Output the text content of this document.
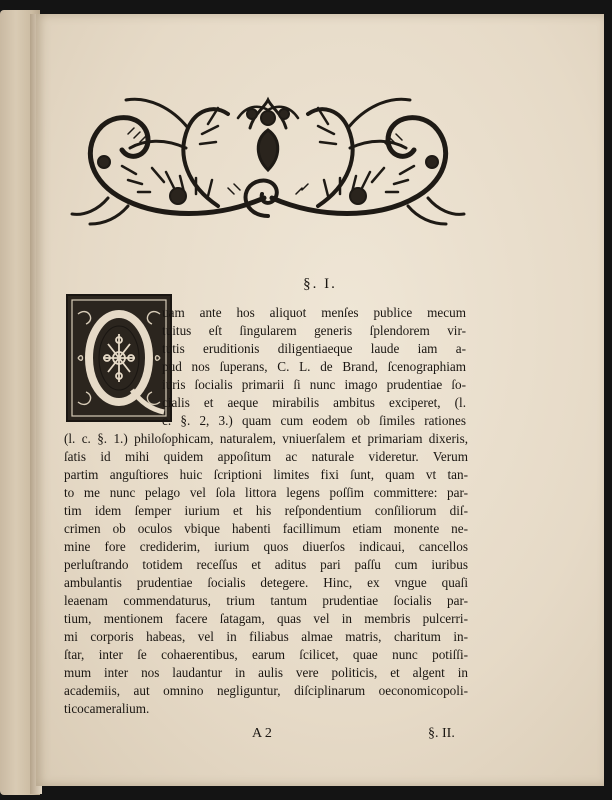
§. I.
uam ante hos aliquot menſes publice mecum
tuitus eſt ſingularem generis ſplendorem vir-
tutis eruditionis diligentiaeque laude iam a-
pud nos ſuperans, C. L. de Brand, ſcenographiam
iuris ſocialis primarii ſi nunc imago prudentiae ſo-
cialis et aeque mirabilis ambitus exciperet, (l.
c. §. 2, 3.) quam cum eodem ob ſimiles rationes
(l. c. §. 1.) philoſophicam, naturalem, vniuerſalem et primariam dixeris,
ſatis id mihi quidem appoſitum ac naturale videretur. Verum
partim anguſtiores huic ſcriptioni limites fixi ſunt, quam vt tan-
to me nunc pelago vel ſola littora legens poſſim committere: par-
tim idem ſemper iurium et his reſpondentium conſiliorum diſ-
crimen ob oculos vbique habenti facillimum etiam monente ne-
mine fore crediderim, iurium quos diuerſos indicaui, cancellos
perluſtrando totidem receſſus et aditus pari paſſu cum iuribus
ambulantis prudentiae ſocialis detegere. Hinc, ex vngue quaſi
leaenam commendaturus, trium tantum prudentiae ſocialis par-
tium, mentionem facere ſatagam, quas vel in membris pulcerri-
mi corporis habeas, vel in filiabus almae matris, charitum in-
ſtar, inter ſe cohaerentibus, earum ſcilicet, quae nunc potiſſi-
mum inter nos laudantur in aulis vere politicis, et algent in
academiis, aut omnino negliguntur, diſciplinarum oeconomicopoli-
ticocameralium.
A 2	§. II.
